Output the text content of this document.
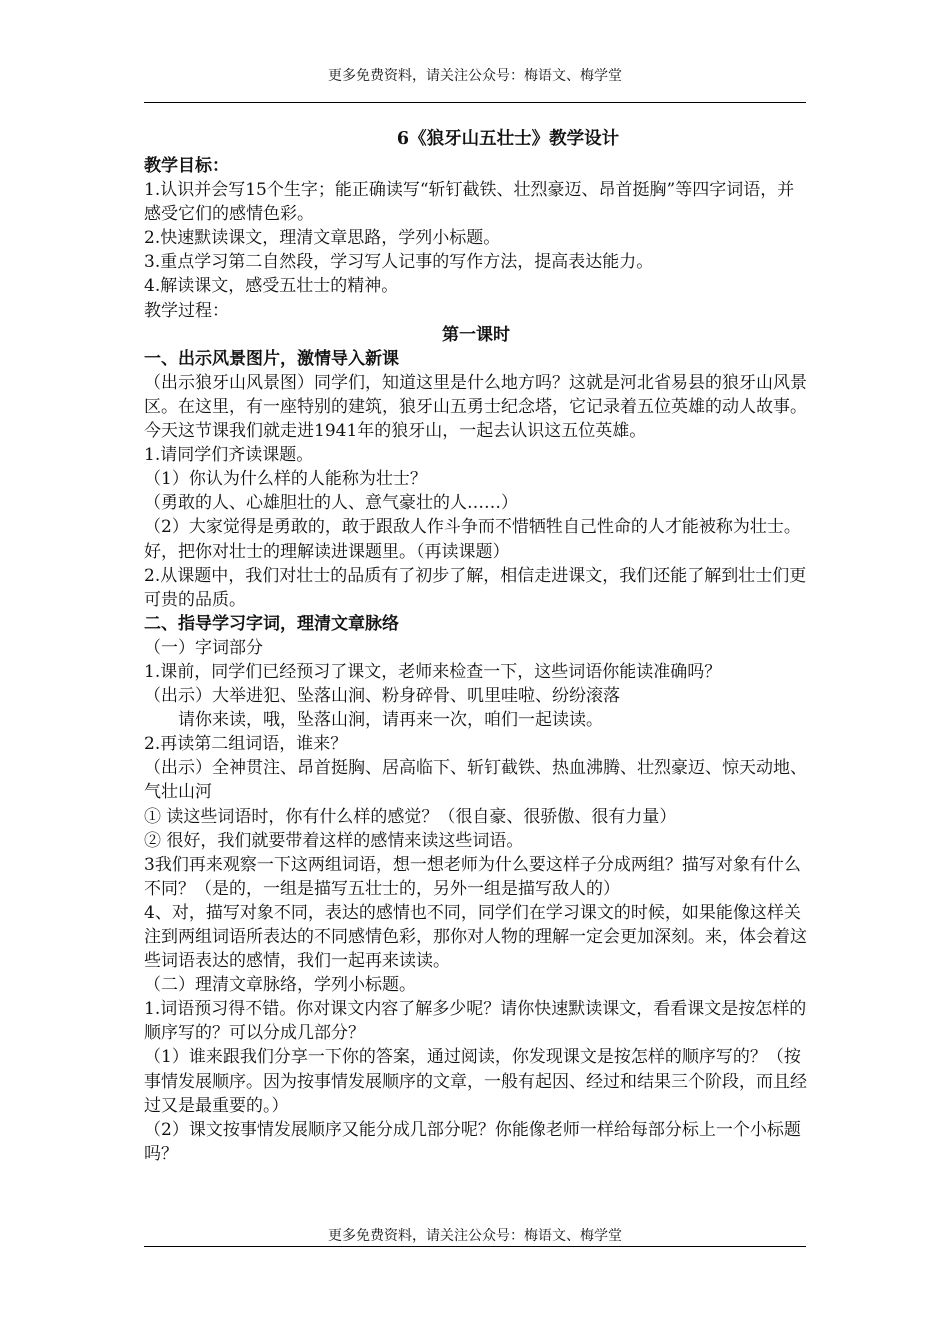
更多免费资料，请关注公众号：梅语文、梅学堂

6《狼牙山五壮士》教学设计

教学目标：

1.认识并会写15个生字；能正确读写“斩钉截铁、壮烈豪迈、昂首挺胸”等四字词语，并感受它们的感情色彩。

2.快速默读课文，理清文章思路，学列小标题。

3.重点学习第二自然段，学习写人记事的写作方法，提高表达能力。

4.解读课文，感受五壮士的精神。

教学过程：

第一课时

一、出示风景图片，激情导入新课

（出示狼牙山风景图）同学们，知道这里是什么地方吗？这就是河北省易县的狼牙山风景区。在这里，有一座特别的建筑，狼牙山五勇士纪念塔，它记录着五位英雄的动人故事。今天这节课我们就走进1941年的狼牙山，一起去认识这五位英雄。

1.请同学们齐读课题。

（1）你认为什么样的人能称为壮士？

（勇敢的人、心雄胆壮的人、意气豪壮的人……）

（2）大家觉得是勇敢的，敢于跟敌人作斗争而不惜牺牲自己性命的人才能被称为壮士。好，把你对壮士的理解读进课题里。（再读课题）

2.从课题中，我们对壮士的品质有了初步了解，相信走进课文，我们还能了解到壮士们更可贵的品质。

二、指导学习字词，理清文章脉络

（一）字词部分

1.课前，同学们已经预习了课文，老师来检查一下，这些词语你能读准确吗？

（出示）大举进犯、坠落山涧、粉身碎骨、叽里哇啦、纷纷滚落

请你来读，哦，坠落山涧，请再来一次，咱们一起读读。

2.再读第二组词语，谁来？

（出示）全神贯注、昂首挺胸、居高临下、斩钉截铁、热血沸腾、壮烈豪迈、惊天动地、气壮山河

① 读这些词语时，你有什么样的感觉？（很自豪、很骄傲、很有力量）

② 很好，我们就要带着这样的感情来读这些词语。

3我们再来观察一下这两组词语，想一想老师为什么要这样子分成两组？描写对象有什么不同？（是的，一组是描写五壮士的，另外一组是描写敌人的）

4、对，描写对象不同，表达的感情也不同，同学们在学习课文的时候，如果能像这样关注到两组词语所表达的不同感情色彩，那你对人物的理解一定会更加深刻。来，体会着这些词语表达的感情，我们一起再来读读。

（二）理清文章脉络，学列小标题。

1.词语预习得不错。你对课文内容了解多少呢？请你快速默读课文，看看课文是按怎样的顺序写的？可以分成几部分？

（1）谁来跟我们分享一下你的答案，通过阅读，你发现课文是按怎样的顺序写的？（按事情发展顺序。因为按事情发展顺序的文章，一般有起因、经过和结果三个阶段，而且经过又是最重要的。）

（2）课文按事情发展顺序又能分成几部分呢？你能像老师一样给每部分标上一个小标题吗？

更多免费资料，请关注公众号：梅语文、梅学堂
